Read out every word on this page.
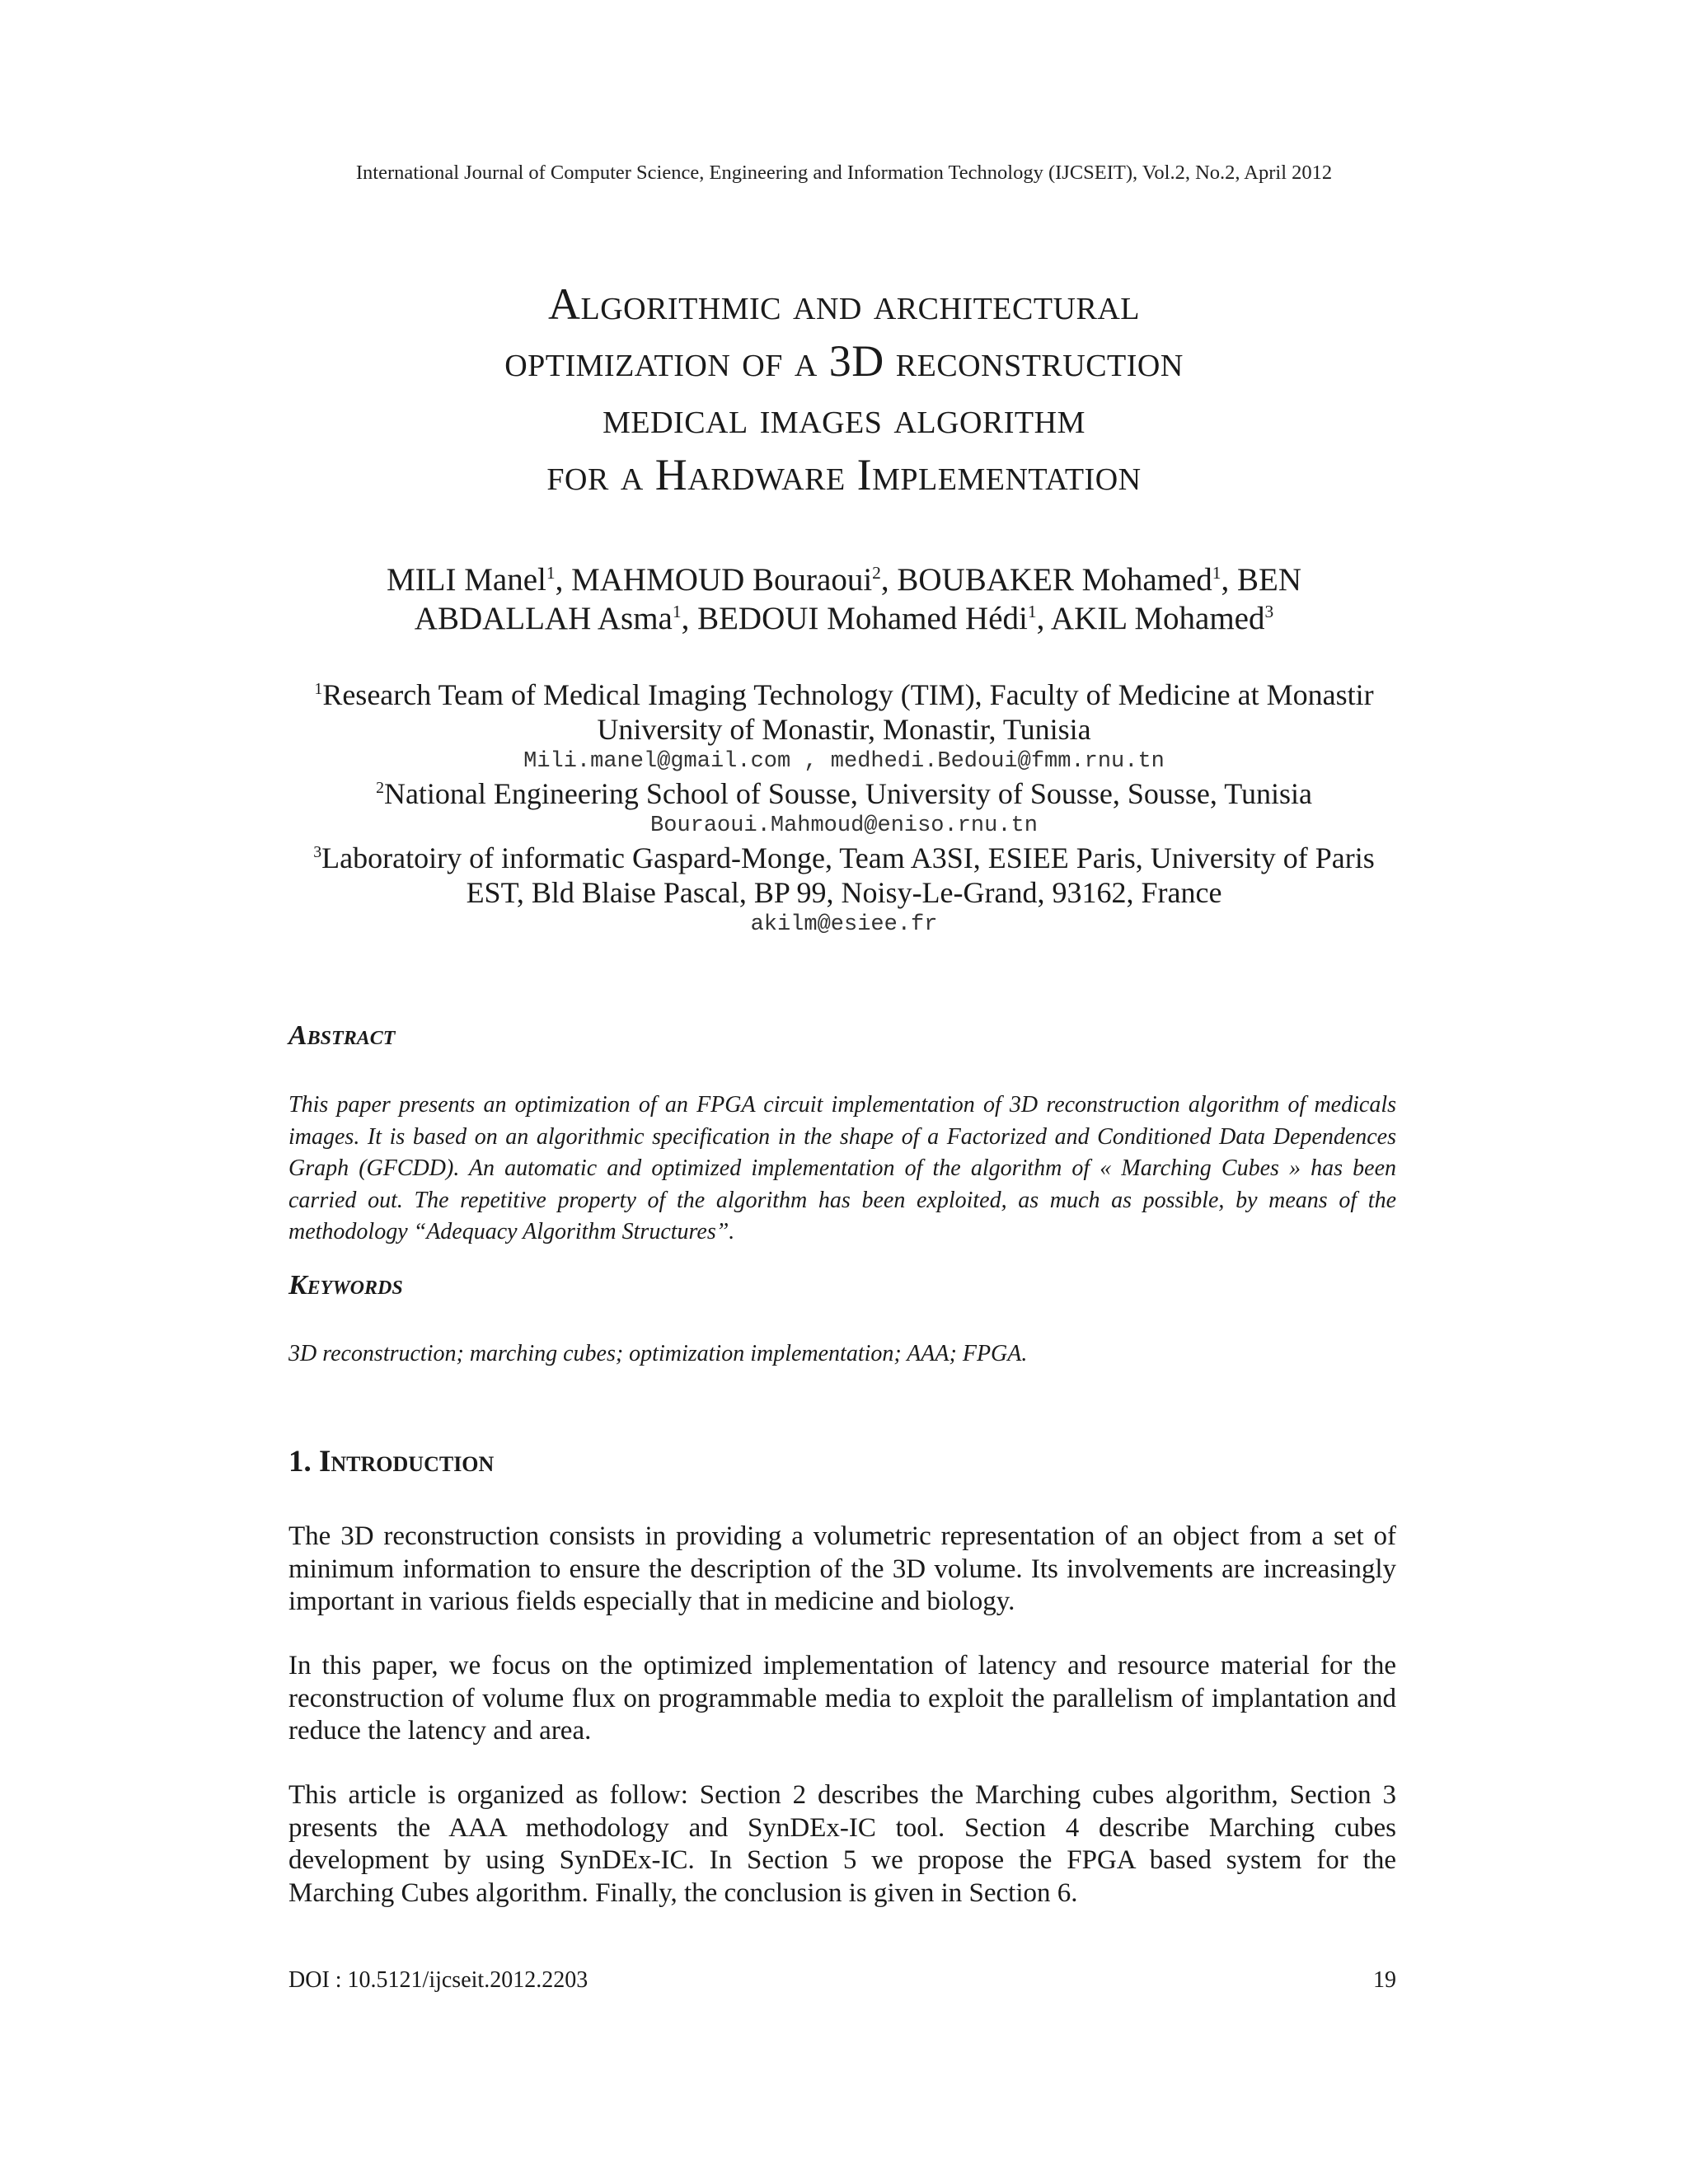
International Journal of Computer Science, Engineering and Information Technology (IJCSEIT), Vol.2, No.2, April 2012
Algorithmic and architectural
optimization of a 3D reconstruction
medical images algorithm
for a Hardware Implementation
MILI Manel$^1$, MAHMOUD Bouraoui$^2$, BOUBAKER Mohamed$^1$, BEN
ABDALLAH Asma$^1$, BEDOUI Mohamed Hédi$^1$, AKIL Mohamed$^3$
$^1$Research Team of Medical Imaging Technology (TIM), Faculty of Medicine at Monastir
University of Monastir, Monastir, Tunisia
Mili.manel@gmail.com , medhedi.Bedoui@fmm.rnu.tn
$^2$National Engineering School of Sousse, University of Sousse, Sousse, Tunisia
Bouraoui.Mahmoud@eniso.rnu.tn
$^3$Laboratoiry of informatic Gaspard-Monge, Team A3SI, ESIEE Paris, University of Paris
EST, Bld Blaise Pascal, BP 99, Noisy-Le-Grand, 93162, France
akilm@esiee.fr
Abstract
This paper presents an optimization of an FPGA circuit implementation of 3D reconstruction algorithm of medicals images. It is based on an algorithmic specification in the shape of a Factorized and Conditioned Data Dependences Graph (GFCDD). An automatic and optimized implementation of the algorithm of « Marching Cubes » has been carried out. The repetitive property of the algorithm has been exploited, as much as possible, by means of the methodology “Adequacy Algorithm Structures”.
Keywords
3D reconstruction; marching cubes; optimization implementation; AAA; FPGA.
1. Introduction
The 3D reconstruction consists in providing a volumetric representation of an object from a set of minimum information to ensure the description of the 3D volume. Its involvements are increasingly important in various fields especially that in medicine and biology.
In this paper, we focus on the optimized implementation of latency and resource material for the reconstruction of volume flux on programmable media to exploit the parallelism of implantation and reduce the latency and area.
This article is organized as follow: Section 2 describes the Marching cubes algorithm, Section 3 presents the AAA methodology and SynDEx-IC tool. Section 4 describe Marching cubes development by using SynDEx-IC. In Section 5 we propose the FPGA based system for the Marching Cubes algorithm. Finally, the conclusion is given in Section 6.
DOI : 10.5121/ijcseit.2012.2203	19
